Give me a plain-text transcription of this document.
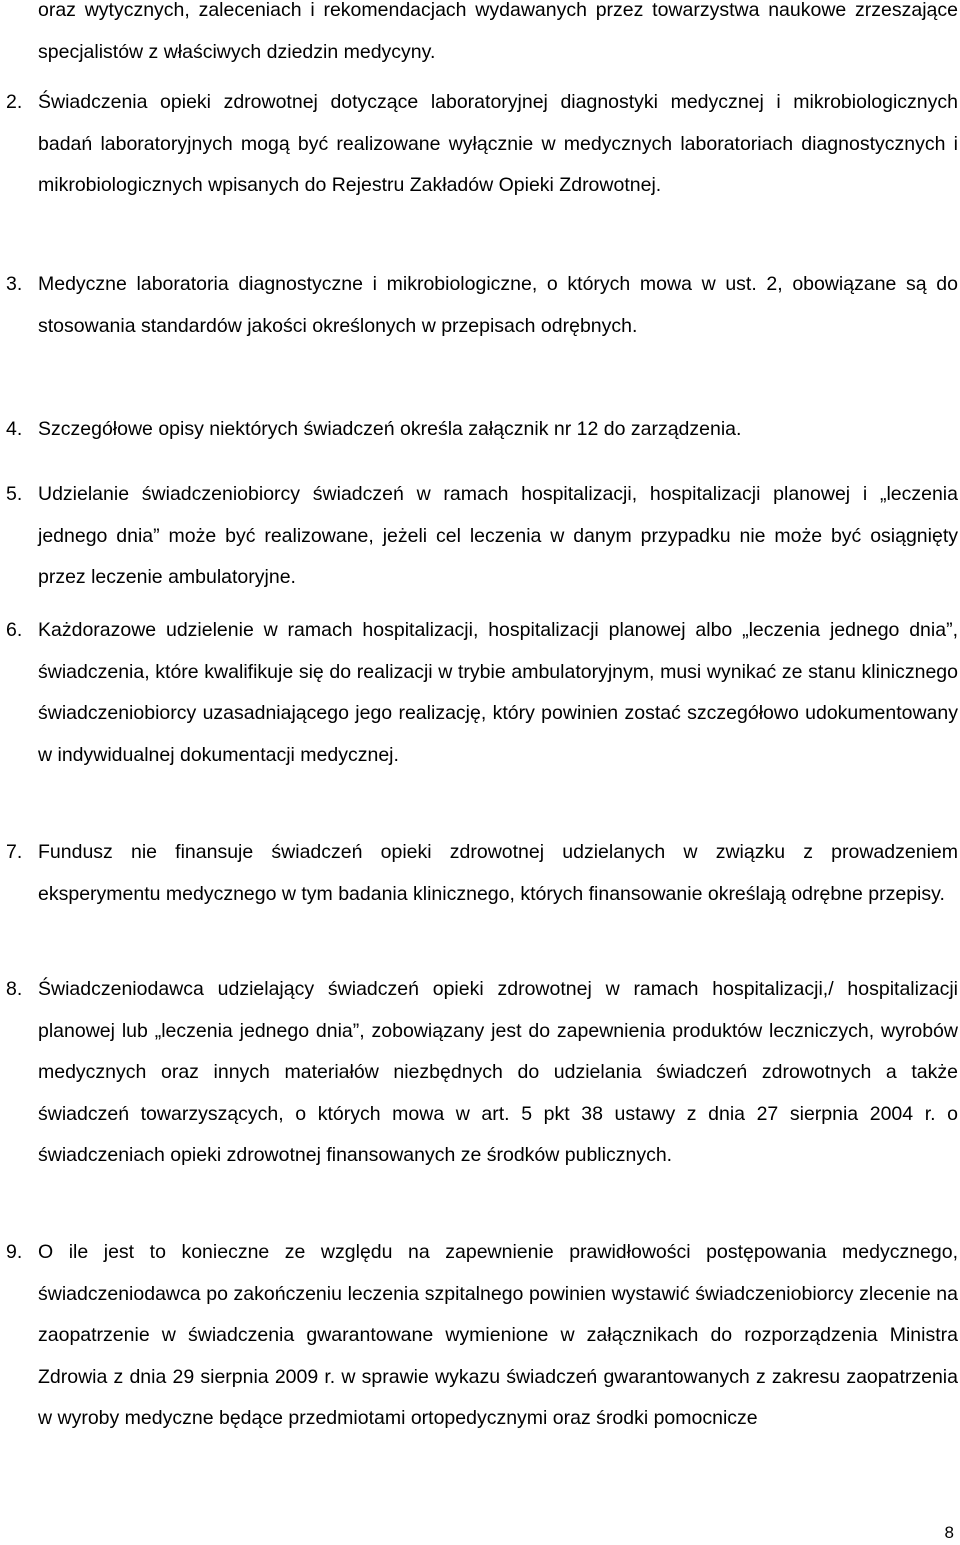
oraz wytycznych, zaleceniach i rekomendacjach wydawanych przez towarzystwa naukowe zrzeszające specjalistów z właściwych dziedzin medycyny.

2. Świadczenia opieki zdrowotnej dotyczące laboratoryjnej diagnostyki medycznej i mikrobiologicznych badań laboratoryjnych mogą być realizowane wyłącznie w medycznych laboratoriach diagnostycznych i mikrobiologicznych wpisanych do Rejestru Zakładów Opieki Zdrowotnej.

3. Medyczne laboratoria diagnostyczne i mikrobiologiczne, o których mowa w ust. 2, obowiązane są do stosowania standardów jakości określonych w przepisach odrębnych.

4. Szczegółowe opisy niektórych świadczeń określa załącznik nr 12 do zarządzenia.

5. Udzielanie świadczeniobiorcy świadczeń w ramach hospitalizacji, hospitalizacji planowej i „leczenia jednego dnia” może być realizowane, jeżeli cel leczenia w danym przypadku nie może być osiągnięty przez leczenie ambulatoryjne.

6. Każdorazowe udzielenie w ramach hospitalizacji, hospitalizacji planowej albo „leczenia jednego dnia”, świadczenia, które kwalifikuje się do realizacji w trybie ambulatoryjnym, musi wynikać ze stanu klinicznego świadczeniobiorcy uzasadniającego jego realizację, który powinien zostać szczegółowo udokumentowany w indywidualnej dokumentacji medycznej.

7. Fundusz nie finansuje świadczeń opieki zdrowotnej udzielanych w związku z prowadzeniem eksperymentu medycznego w tym badania klinicznego, których finansowanie określają odrębne przepisy.

8. Świadczeniodawca udzielający świadczeń opieki zdrowotnej w ramach hospitalizacji,/ hospitalizacji planowej lub „leczenia jednego dnia”, zobowiązany jest do zapewnienia produktów leczniczych, wyrobów medycznych oraz innych materiałów niezbędnych do udzielania świadczeń zdrowotnych a także świadczeń towarzyszących, o których mowa w art. 5 pkt 38 ustawy z dnia 27 sierpnia 2004 r. o świadczeniach opieki zdrowotnej finansowanych ze środków publicznych.

9. O ile jest to konieczne ze względu na zapewnienie prawidłowości postępowania medycznego, świadczeniodawca po zakończeniu leczenia szpitalnego powinien wystawić świadczeniobiorcy zlecenie na zaopatrzenie w świadczenia gwarantowane wymienione w załącznikach do rozporządzenia Ministra Zdrowia z dnia 29 sierpnia 2009 r. w sprawie wykazu świadczeń gwarantowanych z zakresu zaopatrzenia w wyroby medyczne będące przedmiotami ortopedycznymi oraz środki pomocnicze

8
